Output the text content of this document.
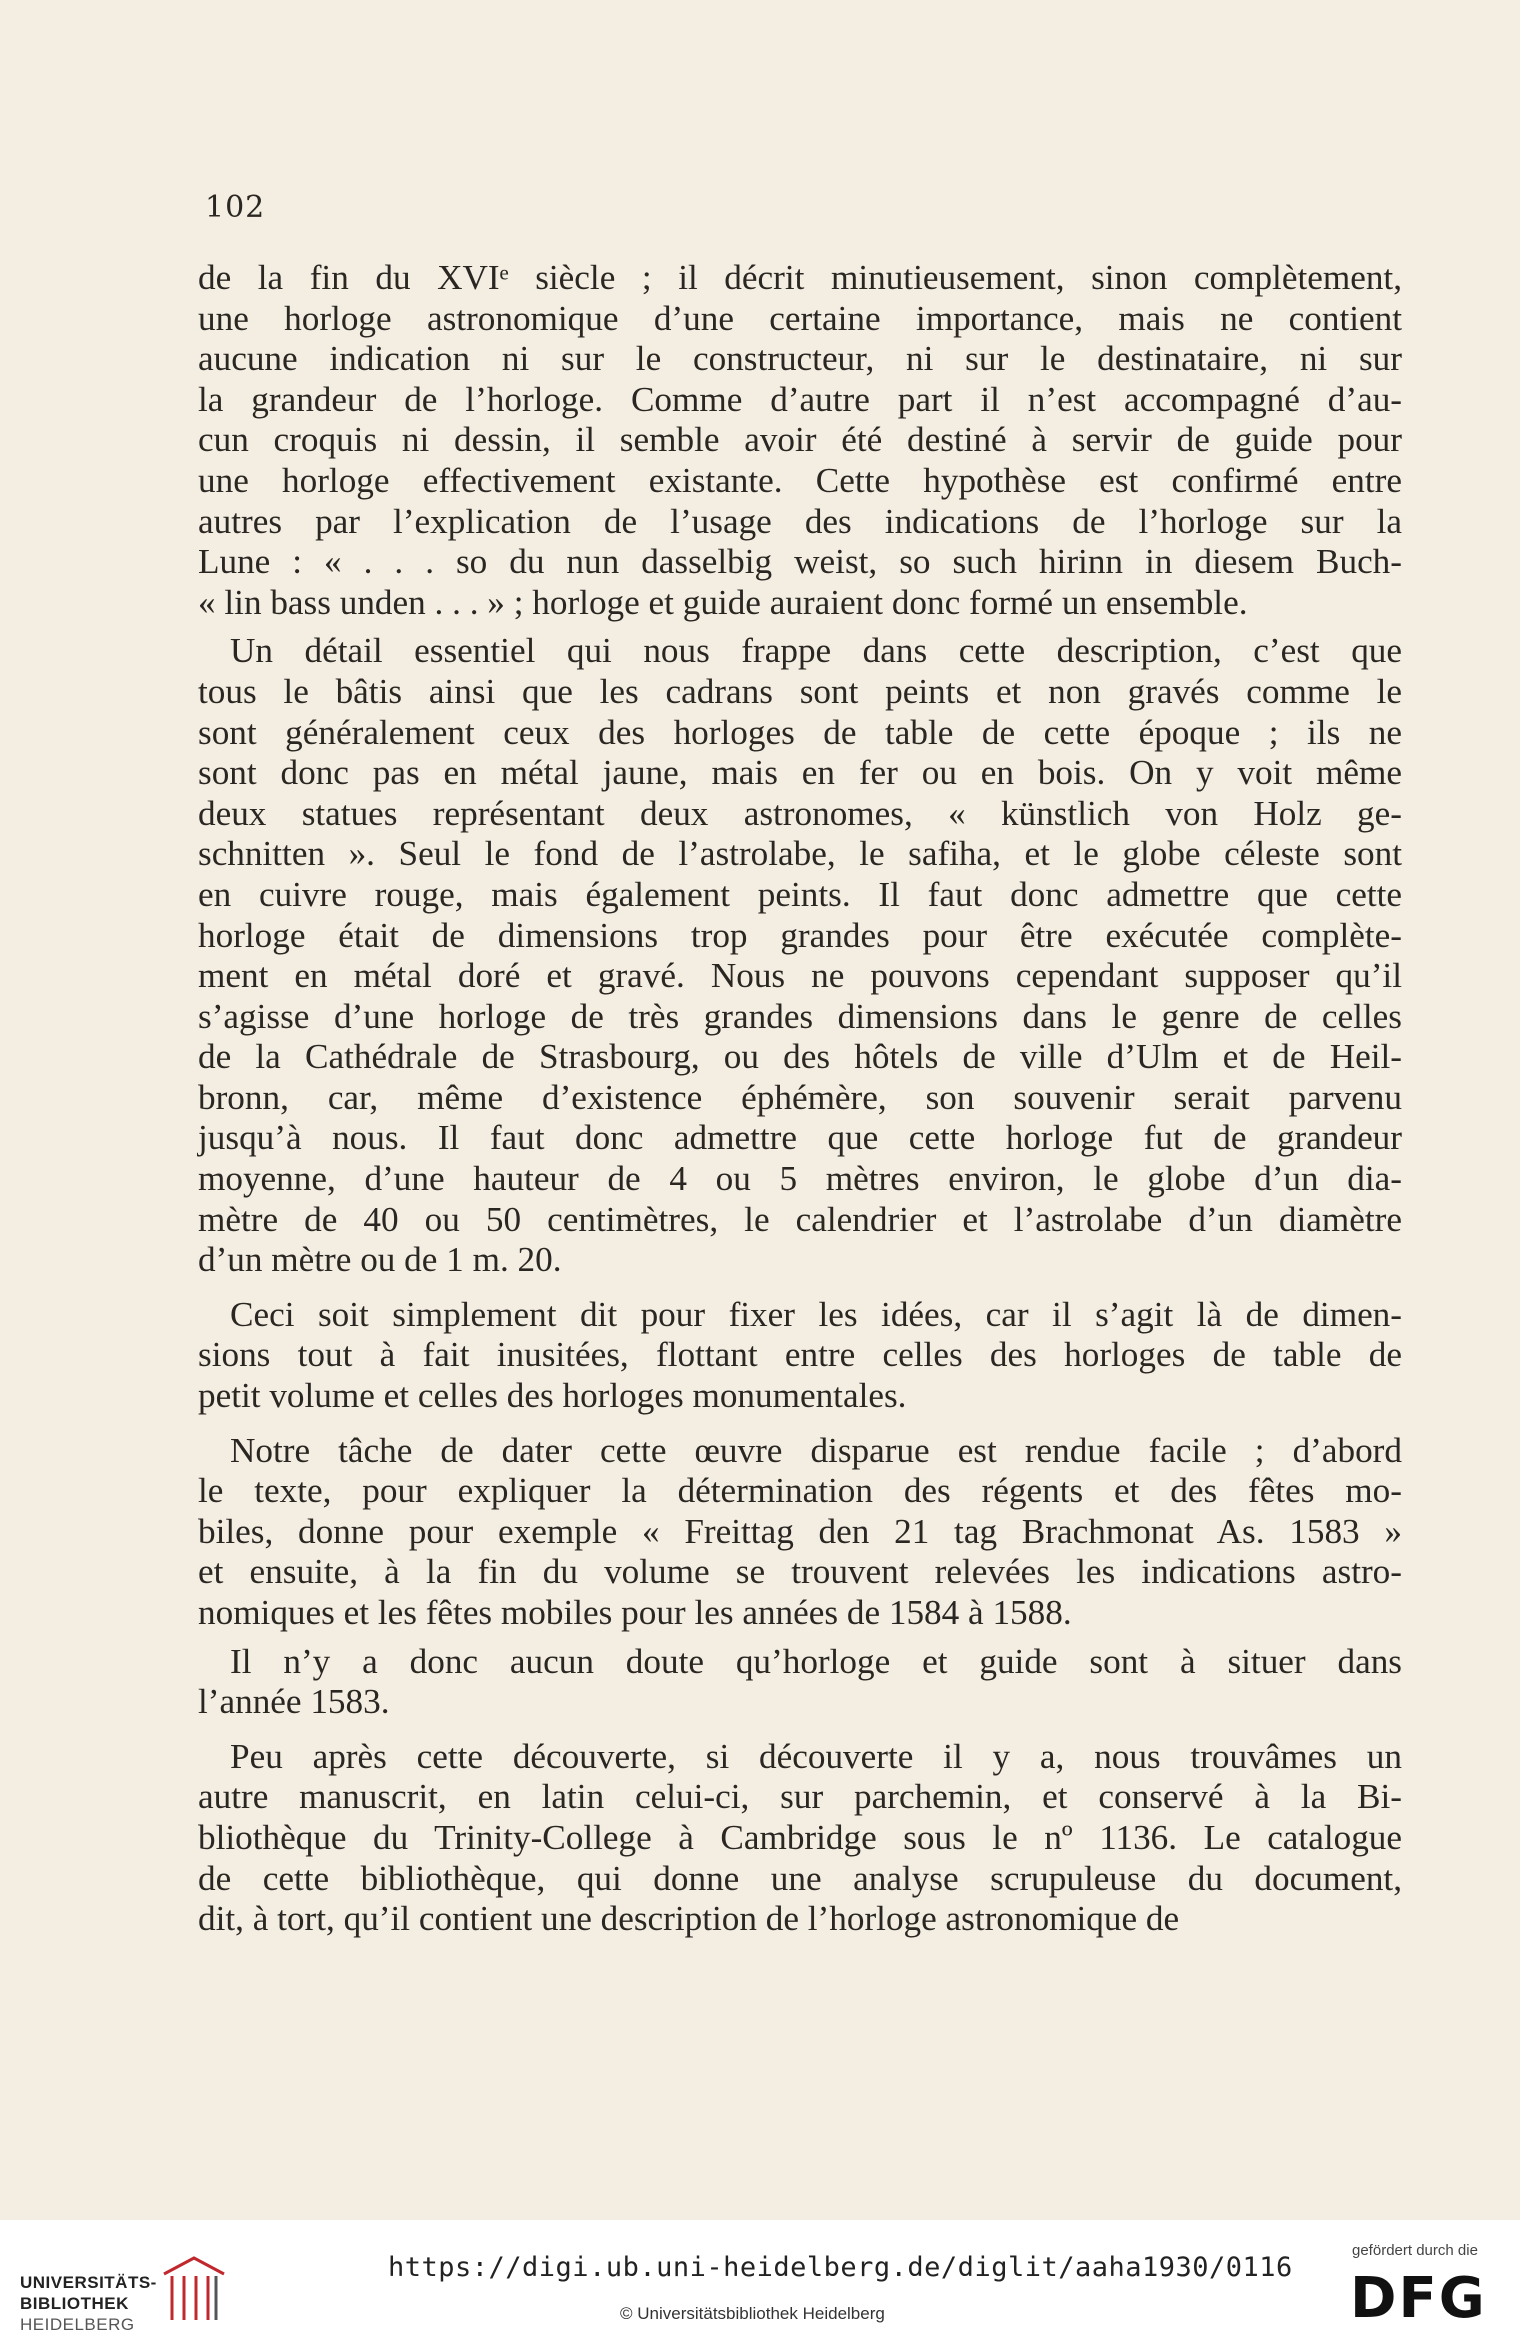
102

de la fin du XVIᵉ siècle ; il décrit minutieusement, sinon complètement,
une horloge astronomique d’une certaine importance, mais ne contient
aucune indication ni sur le constructeur, ni sur le destinataire, ni sur
la grandeur de l’horloge. Comme d’autre part il n’est accompagné d’au-
cun croquis ni dessin, il semble avoir été destiné à servir de guide pour
une horloge effectivement existante. Cette hypothèse est confirmé entre
autres par l’explication de l’usage des indications de l’horloge sur la
Lune : « . . . so du nun dasselbig weist, so such hirinn in diesem Buch-
« lin bass unden . . . » ; horloge et guide auraient donc formé un ensemble.

Un détail essentiel qui nous frappe dans cette description, c’est que
tous le bâtis ainsi que les cadrans sont peints et non gravés comme le
sont généralement ceux des horloges de table de cette époque ; ils ne
sont donc pas en métal jaune, mais en fer ou en bois. On y voit même
deux statues représentant deux astronomes, « künstlich von Holz ge-
schnitten ». Seul le fond de l’astrolabe, le safiha, et le globe céleste sont
en cuivre rouge, mais également peints. Il faut donc admettre que cette
horloge était de dimensions trop grandes pour être exécutée complète-
ment en métal doré et gravé. Nous ne pouvons cependant supposer qu’il
s’agisse d’une horloge de très grandes dimensions dans le genre de celles
de la Cathédrale de Strasbourg, ou des hôtels de ville d’Ulm et de Heil-
bronn, car, même d’existence éphémère, son souvenir serait parvenu
jusqu’à nous. Il faut donc admettre que cette horloge fut de grandeur
moyenne, d’une hauteur de 4 ou 5 mètres environ, le globe d’un dia-
mètre de 40 ou 50 centimètres, le calendrier et l’astrolabe d’un diamètre
d’un mètre ou de 1 m. 20.

Ceci soit simplement dit pour fixer les idées, car il s’agit là de dimen-
sions tout à fait inusitées, flottant entre celles des horloges de table de
petit volume et celles des horloges monumentales.

Notre tâche de dater cette œuvre disparue est rendue facile ; d’abord
le texte, pour expliquer la détermination des régents et des fêtes mo-
biles, donne pour exemple « Freittag den 21 tag Brachmonat As. 1583 »
et ensuite, à la fin du volume se trouvent relevées les indications astro-
nomiques et les fêtes mobiles pour les années de 1584 à 1588.

Il n’y a donc aucun doute qu’horloge et guide sont à situer dans
l’année 1583.

Peu après cette découverte, si découverte il y a, nous trouvâmes un
autre manuscrit, en latin celui-ci, sur parchemin, et conservé à la Bi-
bliothèque du Trinity-College à Cambridge sous le nº 1136. Le catalogue
de cette bibliothèque, qui donne une analyse scrupuleuse du document,
dit, à tort, qu’il contient une description de l’horloge astronomique de

UNIVERSITÄTS-
BIBLIOTHEK
HEIDELBERG
https://digi.ub.uni-heidelberg.de/diglit/aaha1930/0116
© Universitätsbibliothek Heidelberg
gefördert durch die
DFG
